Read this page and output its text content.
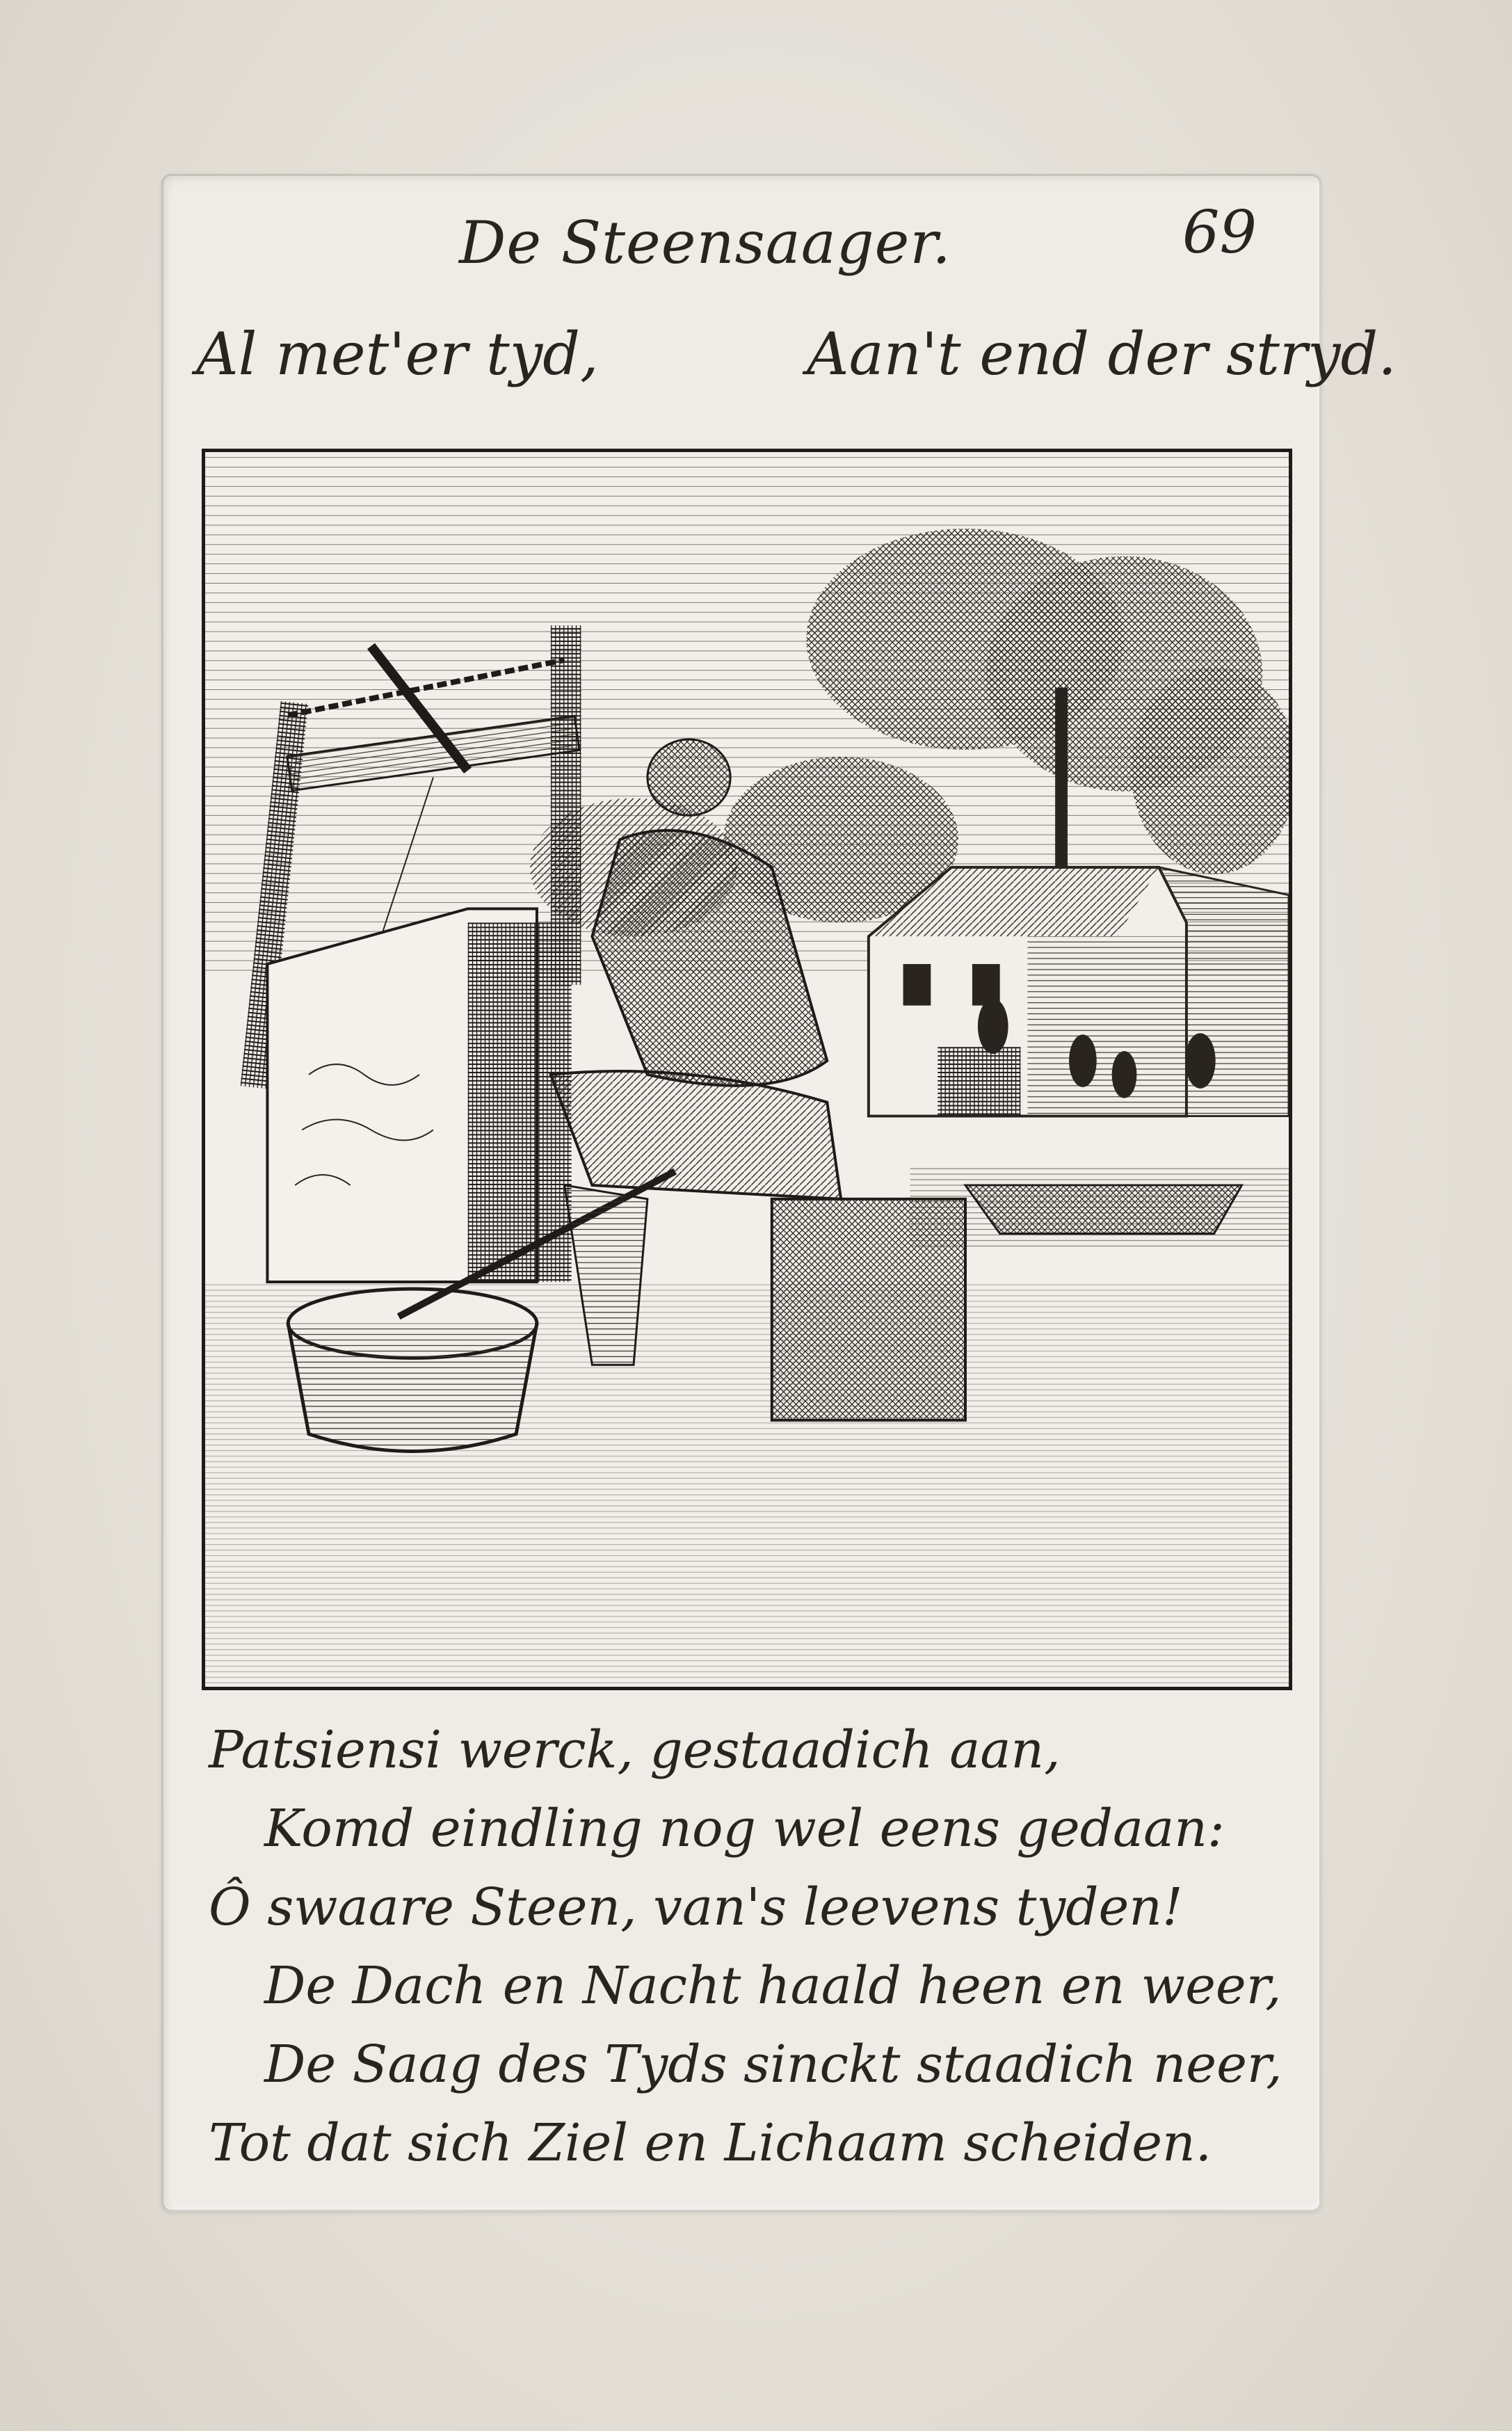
De Steensaager.	69
Al met'er tyd,	Aan't end der stryd.
Patsiensi werck, gestaadich aan,
Komd eindling nog wel eens gedaan:
Ô swaare Steen, van's leevens tyden!
De Dach en Nacht haald heen en weer,
De Saag des Tyds sinckt staadich neer,
Tot dat sich Ziel en Lichaam scheiden.
